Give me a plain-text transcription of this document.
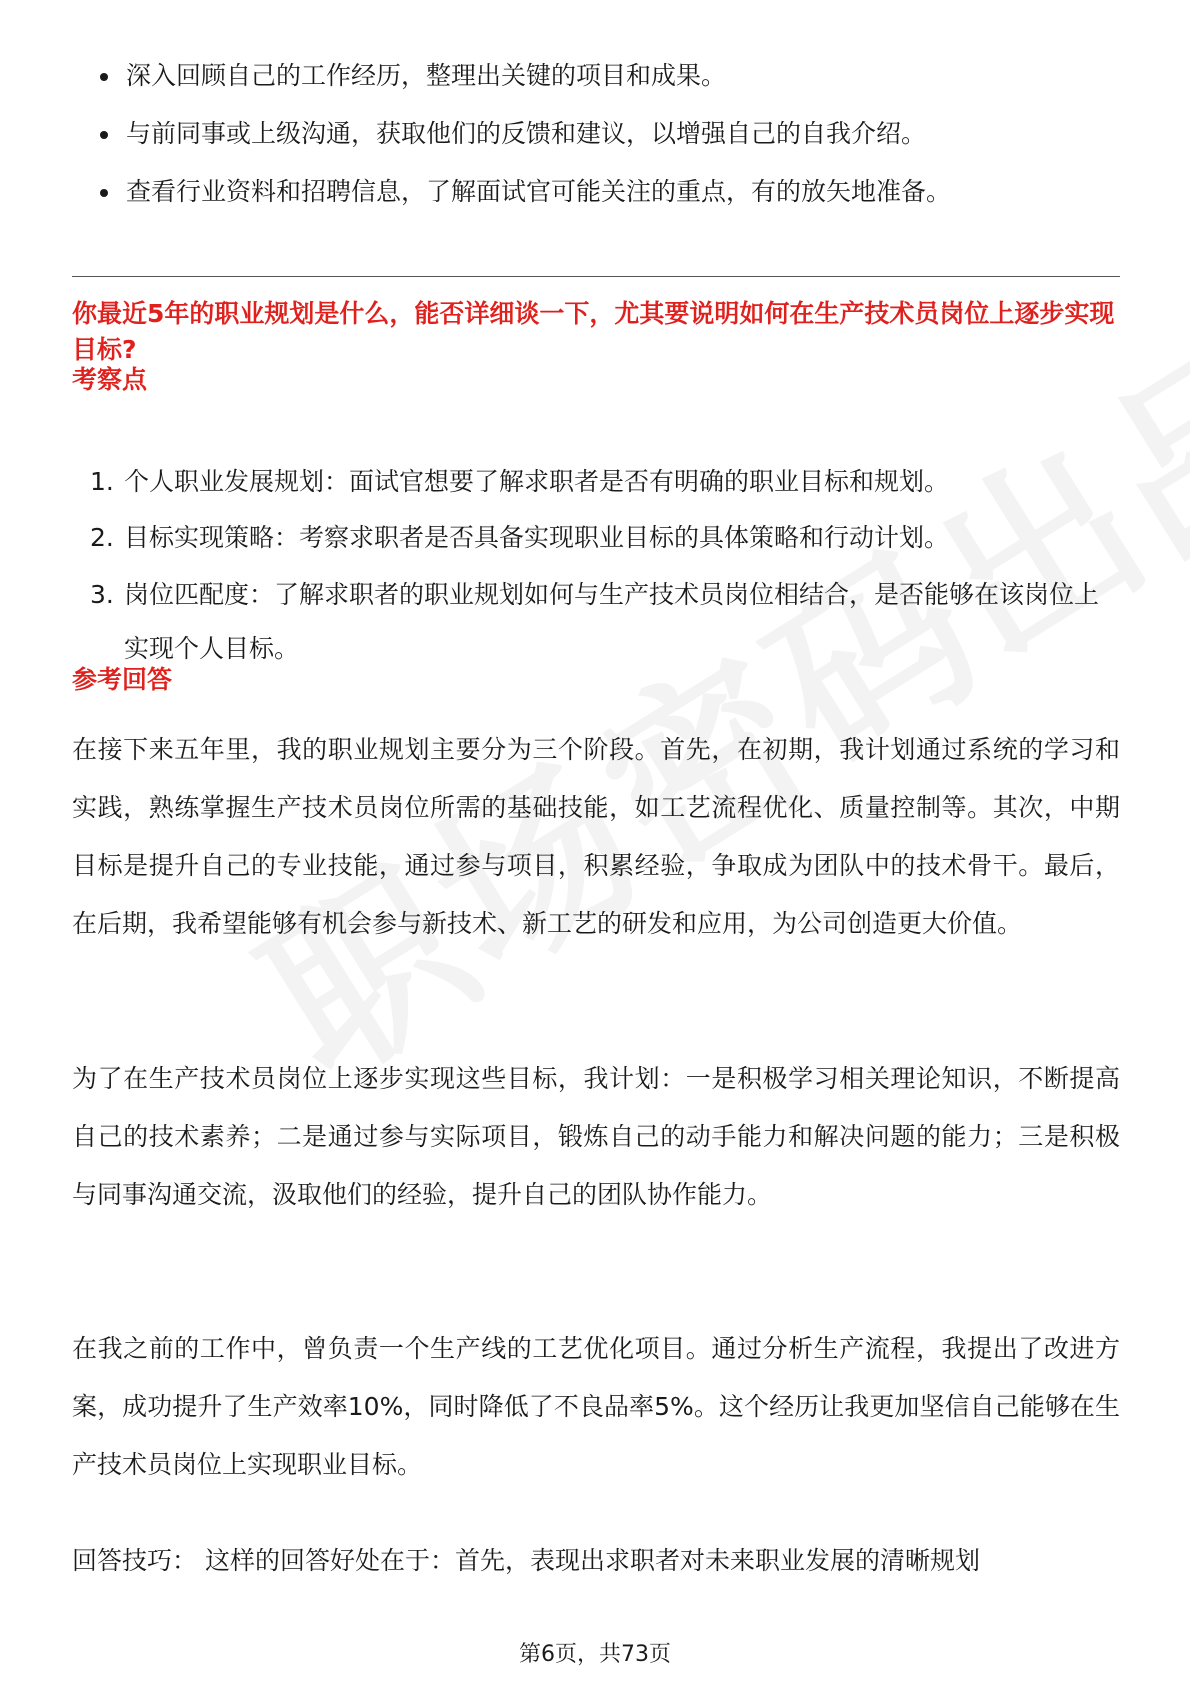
深入回顾自己的工作经历，整理出关键的项目和成果。
与前同事或上级沟通，获取他们的反馈和建议，以增强自己的自我介绍。
查看行业资料和招聘信息，了解面试官可能关注的重点，有的放矢地准备。

你最近5年的职业规划是什么，能否详细谈一下，尤其要说明如何在生产技术员岗位上逐步实现目标?

考察点

1. 个人职业发展规划：面试官想要了解求职者是否有明确的职业目标和规划。
2. 目标实现策略：考察求职者是否具备实现职业目标的具体策略和行动计划。
3. 岗位匹配度：了解求职者的职业规划如何与生产技术员岗位相结合，是否能够在该岗位上实现个人目标。

参考回答

在接下来五年里，我的职业规划主要分为三个阶段。首先，在初期，我计划通过系统的学习和实践，熟练掌握生产技术员岗位所需的基础技能，如工艺流程优化、质量控制等。其次，中期目标是提升自己的专业技能，通过参与项目，积累经验，争取成为团队中的技术骨干。最后，在后期，我希望能够有机会参与新技术、新工艺的研发和应用，为公司创造更大价值。

为了在生产技术员岗位上逐步实现这些目标，我计划：一是积极学习相关理论知识，不断提高自己的技术素养；二是通过参与实际项目，锻炼自己的动手能力和解决问题的能力；三是积极与同事沟通交流，汲取他们的经验，提升自己的团队协作能力。

在我之前的工作中，曾负责一个生产线的工艺优化项目。通过分析生产流程，我提出了改进方案，成功提升了生产效率10%，同时降低了不良品率5%。这个经历让我更加坚信自己能够在生产技术员岗位上实现职业目标。

回答技巧： 这样的回答好处在于：首先，表现出求职者对未来职业发展的清晰规划

第6页，共73页
